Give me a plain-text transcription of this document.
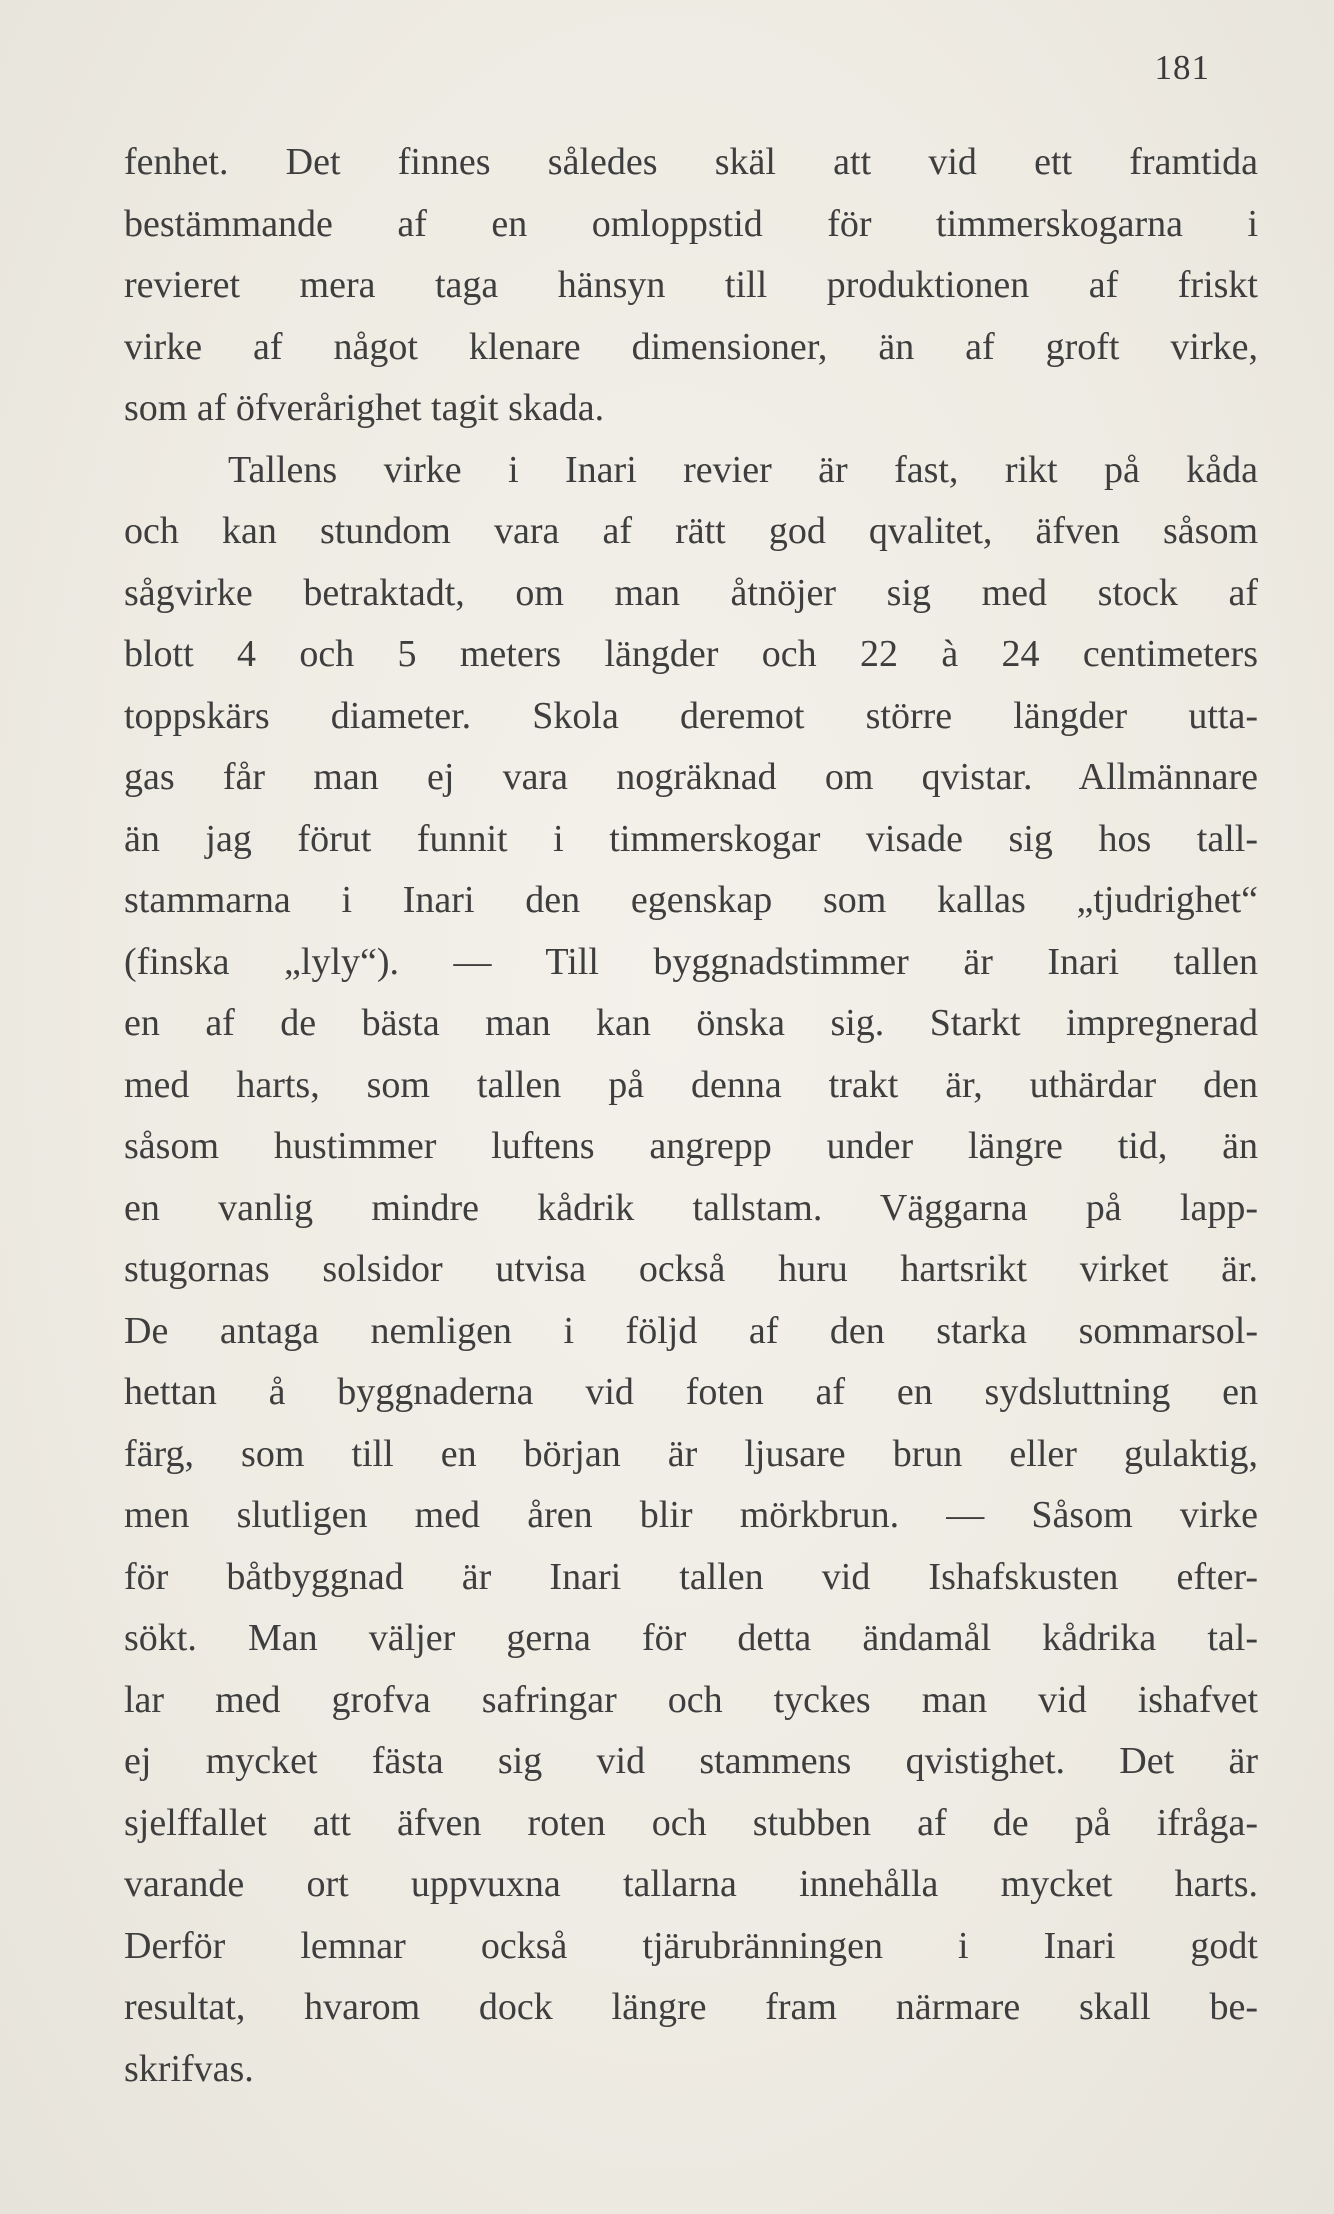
181
fenhet. Det finnes således skäl att vid ett framtida
bestämmande af en omloppstid för timmerskogarna i
revieret mera taga hänsyn till produktionen af friskt
virke af något klenare dimensioner, än af groft virke,
som af öfverårighet tagit skada.
Tallens virke i Inari revier är fast, rikt på kåda
och kan stundom vara af rätt god qvalitet, äfven såsom
sågvirke betraktadt, om man åtnöjer sig med stock af
blott 4 och 5 meters längder och 22 à 24 centimeters
toppskärs diameter. Skola deremot större längder utta-
gas får man ej vara nogräknad om qvistar. Allmännare
än jag förut funnit i timmerskogar visade sig hos tall-
stammarna i Inari den egenskap som kallas „tjudrighet“
(finska „lyly“). — Till byggnadstimmer är Inari tallen
en af de bästa man kan önska sig. Starkt impregnerad
med harts, som tallen på denna trakt är, uthärdar den
såsom hustimmer luftens angrepp under längre tid, än
en vanlig mindre kådrik tallstam. Väggarna på lapp-
stugornas solsidor utvisa också huru hartsrikt virket är.
De antaga nemligen i följd af den starka sommarsol-
hettan å byggnaderna vid foten af en sydsluttning en
färg, som till en början är ljusare brun eller gulaktig,
men slutligen med åren blir mörkbrun. — Såsom virke
för båtbyggnad är Inari tallen vid Ishafskusten efter-
sökt. Man väljer gerna för detta ändamål kådrika tal-
lar med grofva safringar och tyckes man vid ishafvet
ej mycket fästa sig vid stammens qvistighet. Det är
sjelffallet att äfven roten och stubben af de på ifråga-
varande ort uppvuxna tallarna innehålla mycket harts.
Derför lemnar också tjärubränningen i Inari godt
resultat, hvarom dock längre fram närmare skall be-
skrifvas.
